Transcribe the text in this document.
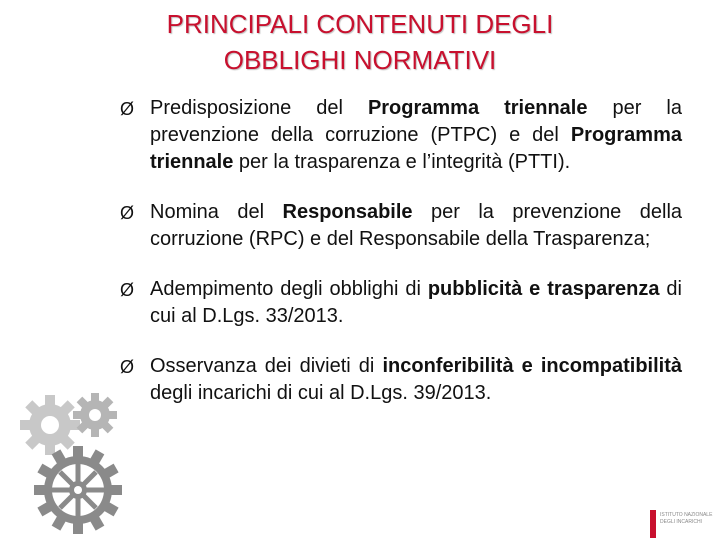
PRINCIPALI CONTENUTI DEGLI
OBBLIGHI NORMATIVI
Ø Predisposizione del Programma triennale per la prevenzione della corruzione (PTPC) e del Programma triennale per la trasparenza e l’integrità (PTTI).
Ø Nomina del Responsabile per la prevenzione della corruzione (RPC) e del Responsabile della Trasparenza;
Ø Adempimento degli obblighi di pubblicità e trasparenza di cui al D.Lgs. 33/2013.
Ø Osservanza dei divieti di inconferibilità e incompatibilità degli incarichi di cui al D.Lgs. 39/2013.
ISTITUTO NAZIONALE
DEGLI INCARICHI
